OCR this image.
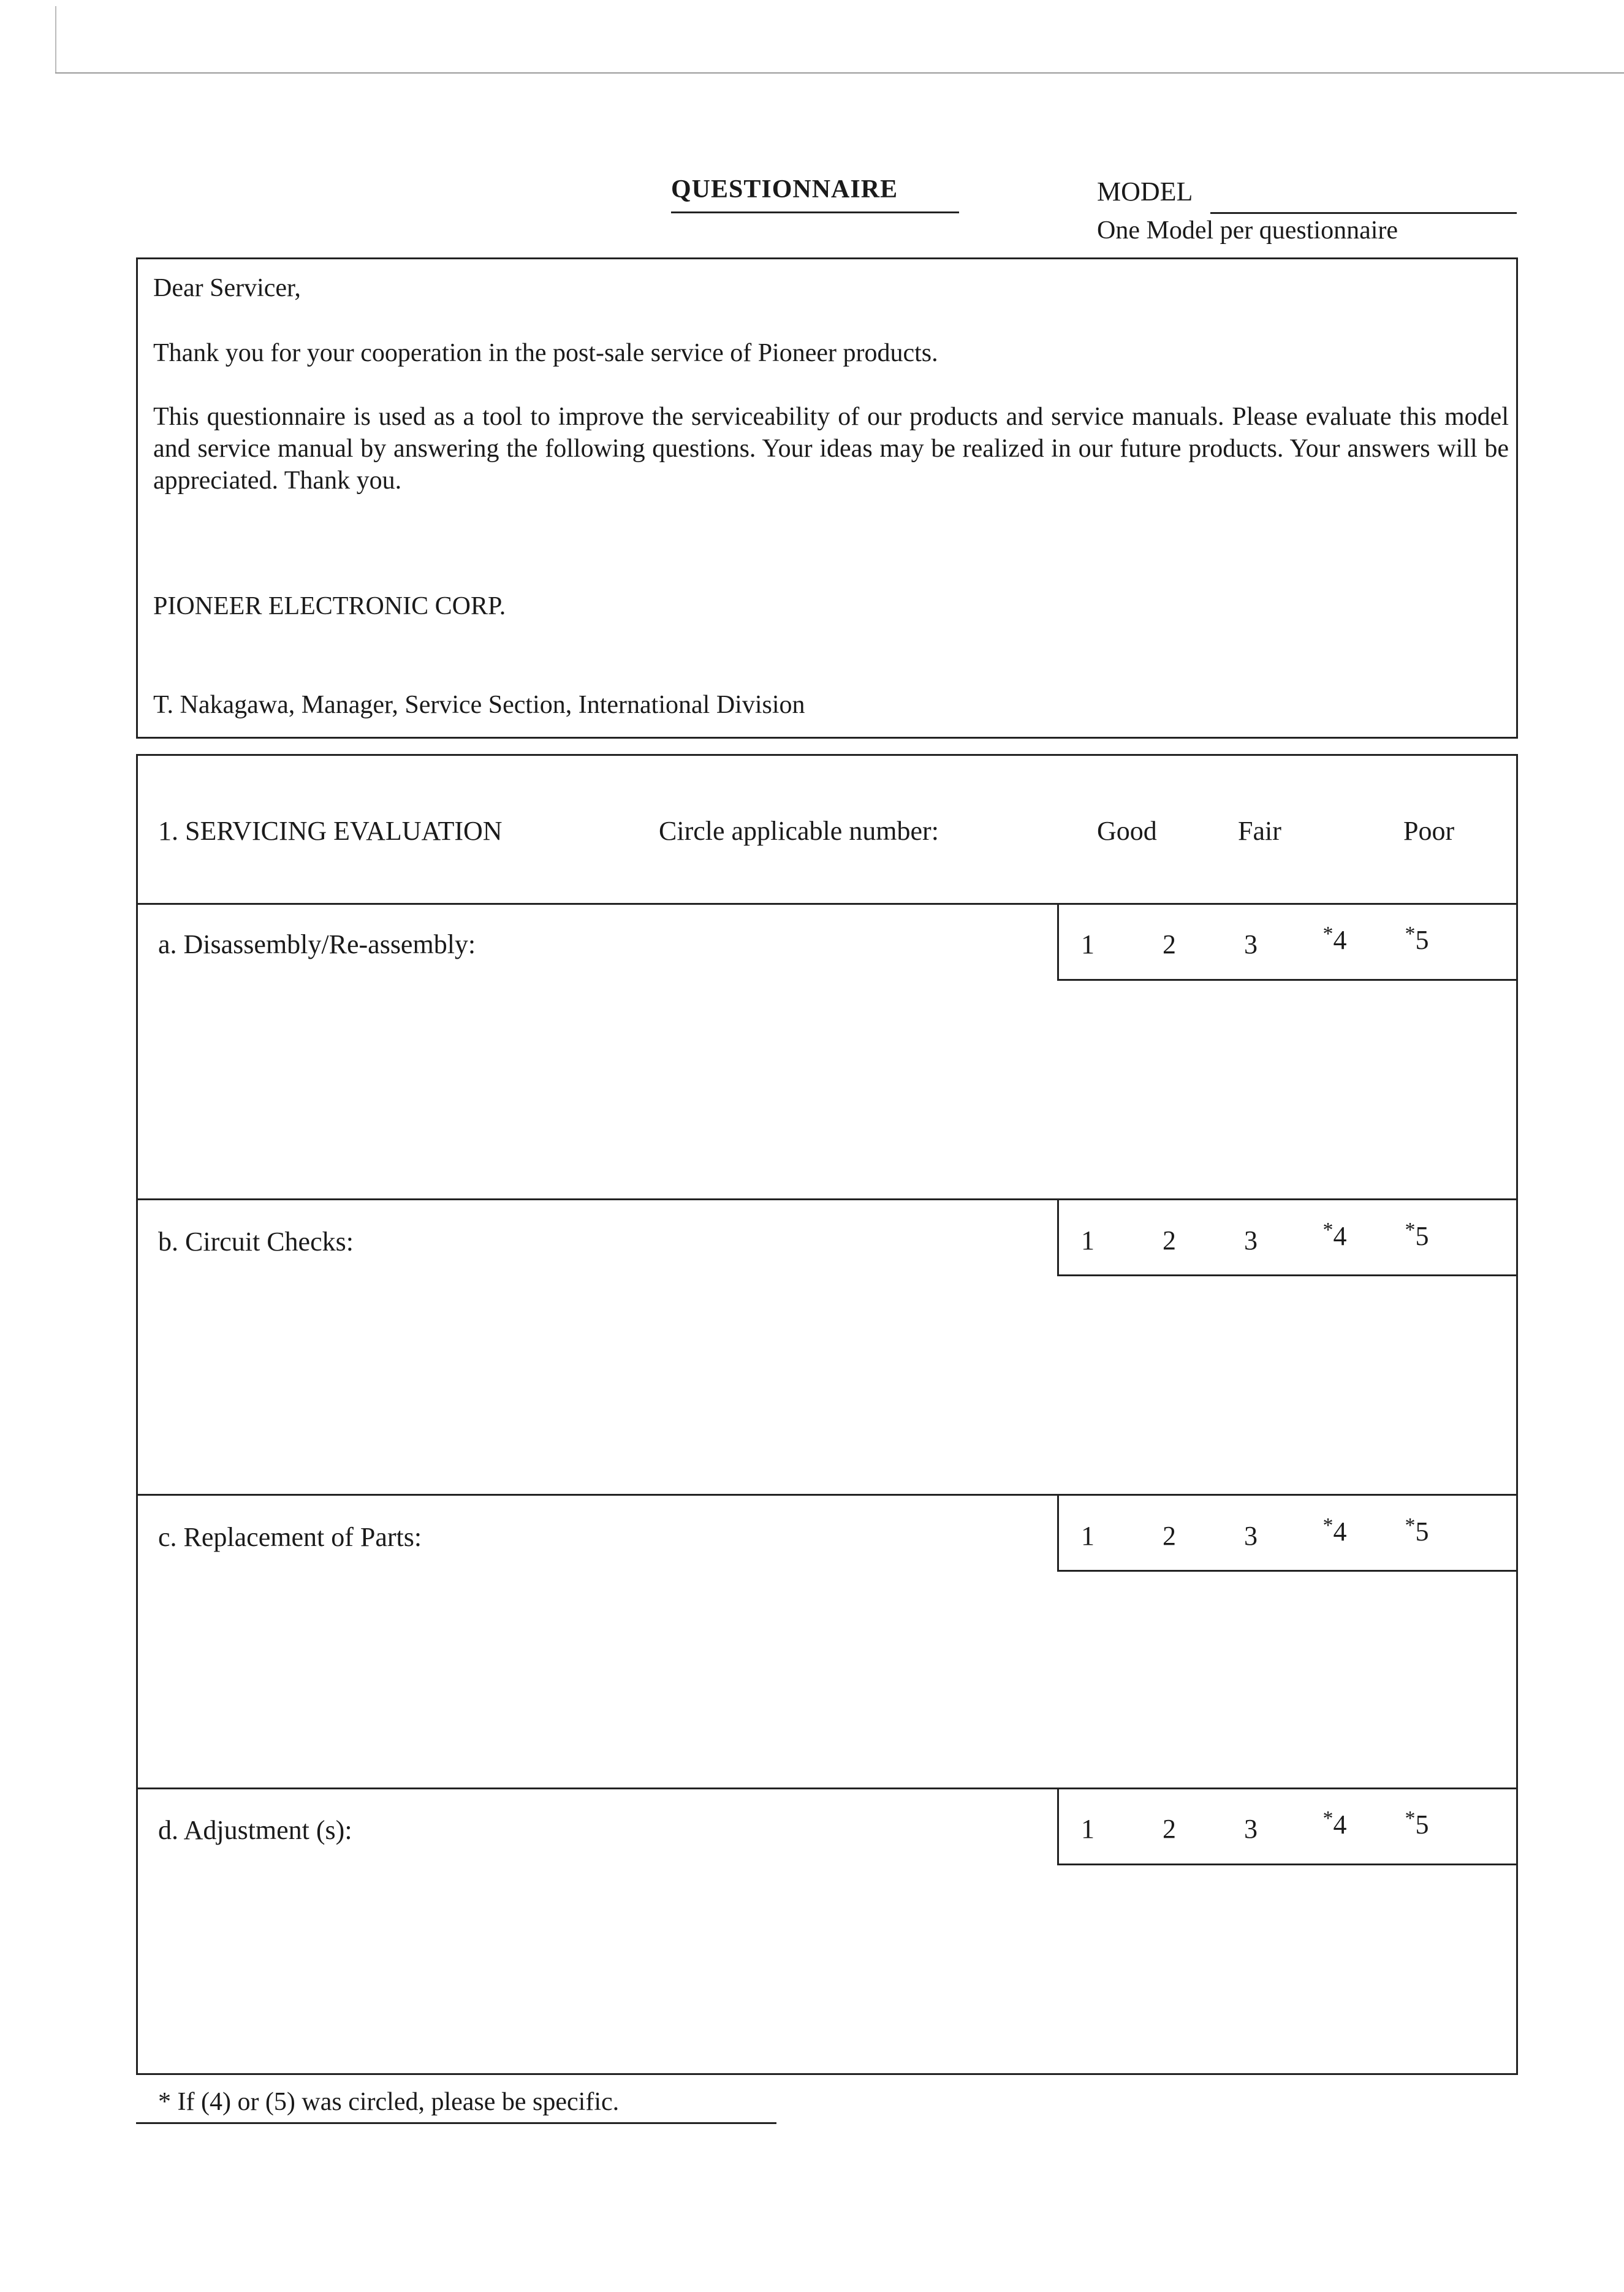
QUESTIONNAIRE	MODEL
One Model per questionnaire
Dear Servicer,
Thank you for your cooperation in the post-sale service of Pioneer products.
This questionnaire is used as a tool to improve the serviceability of our products and service manuals. Please evaluate this model and service manual by answering the following questions. Your ideas may be realized in our future products. Your answers will be appreciated. Thank you.
PIONEER ELECTRONIC CORP.
T. Nakagawa, Manager, Service Section, International Division
1. SERVICING EVALUATION	Circle applicable number:	Good	Fair	Poor
a. Disassembly/Re-assembly:	1	2	3	*4	*5
b. Circuit Checks:	1	2	3	*4	*5
c. Replacement of Parts:	1	2	3	*4	*5
d. Adjustment (s):	1	2	3	*4	*5
* If (4) or (5) was circled, please be specific.
